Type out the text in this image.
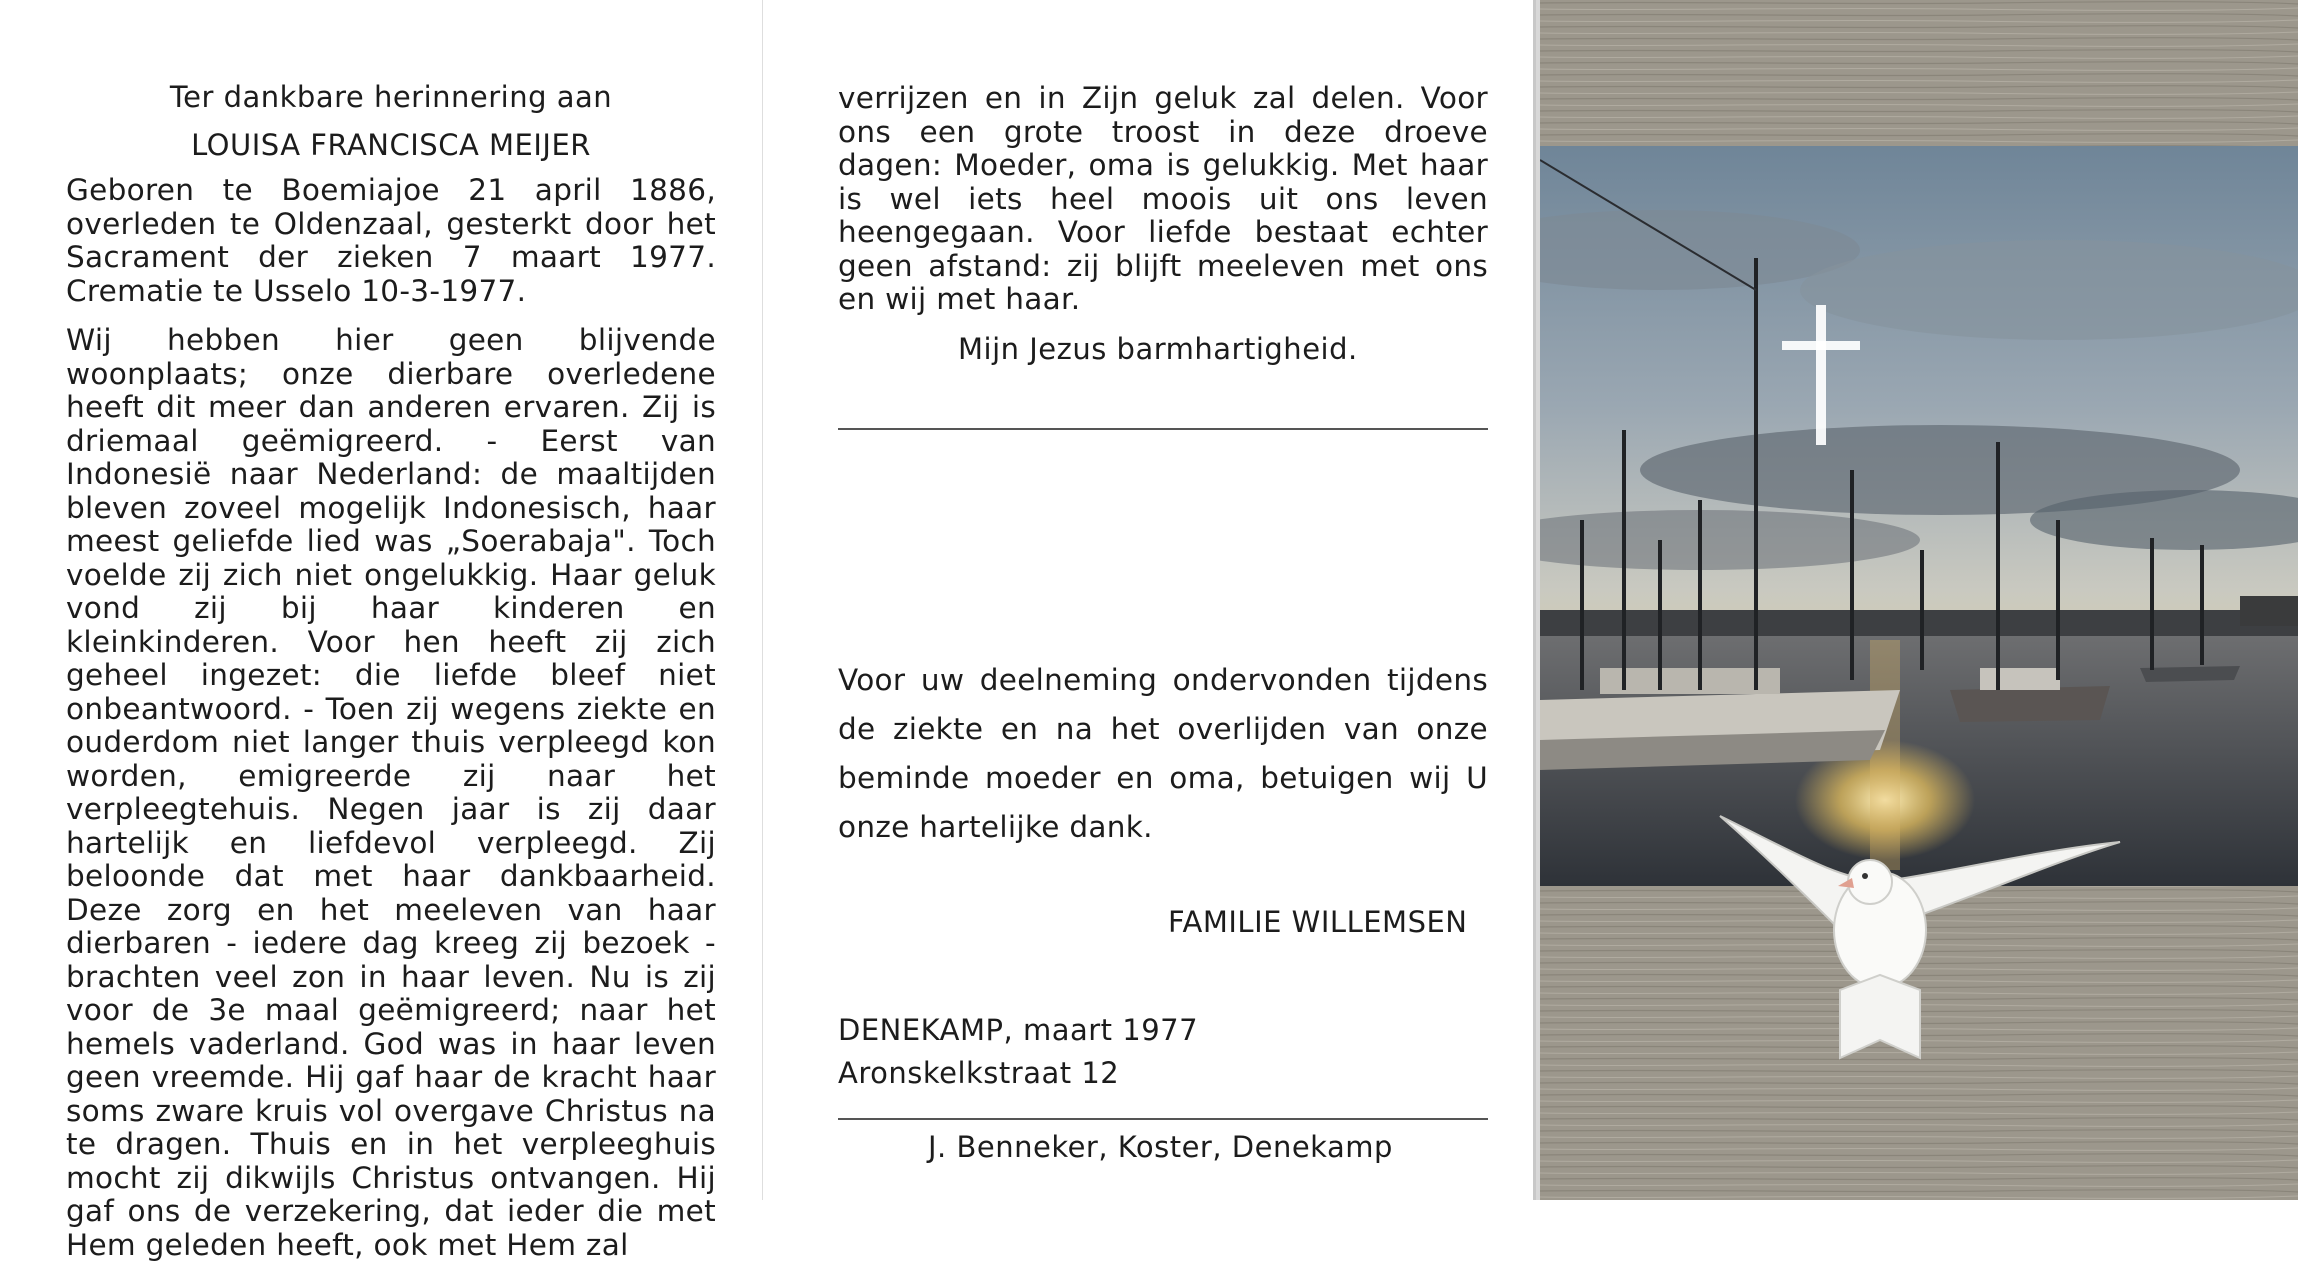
Ter dankbare herinnering aan
LOUISA FRANCISCA MEIJER
Geboren te Boemiajoe 21 april 1886, overleden te Oldenzaal, gesterkt door het Sacrament der zieken 7 maart 1977. Crematie te Usselo 10-3-1977.
Wij hebben hier geen blijvende woonplaats; onze dierbare overledene heeft dit meer dan anderen ervaren. Zij is driemaal geëmigreerd. - Eerst van Indonesië naar Nederland: de maaltijden bleven zoveel mogelijk Indonesisch, haar meest geliefde lied was „Soerabaja". Toch voelde zij zich niet ongelukkig. Haar geluk vond zij bij haar kinderen en kleinkinderen. Voor hen heeft zij zich geheel ingezet: die liefde bleef niet onbeantwoord. - Toen zij wegens ziekte en ouderdom niet langer thuis verpleegd kon worden, emigreerde zij naar het verpleegtehuis. Negen jaar is zij daar hartelijk en liefdevol verpleegd. Zij beloonde dat met haar dankbaarheid. Deze zorg en het meeleven van haar dierbaren - iedere dag kreeg zij bezoek - brachten veel zon in haar leven. Nu is zij voor de 3e maal geëmigreerd; naar het hemels vaderland. God was in haar leven geen vreemde. Hij gaf haar de kracht haar soms zware kruis vol overgave Christus na te dragen. Thuis en in het verpleeghuis mocht zij dikwijls Christus ontvangen. Hij gaf ons de verzekering, dat ieder die met Hem geleden heeft, ook met Hem zal
verrijzen en in Zijn geluk zal delen. Voor ons een grote troost in deze droeve dagen: Moeder, oma is gelukkig. Met haar is wel iets heel moois uit ons leven heengegaan. Voor liefde bestaat echter geen afstand: zij blijft meeleven met ons en wij met haar.
Mijn Jezus barmhartigheid.
Voor uw deelneming ondervonden tijdens de ziekte en na het overlijden van onze beminde moeder en oma, betuigen wij U onze hartelijke dank.
FAMILIE WILLEMSEN
DENEKAMP, maart 1977
Aronskelkstraat 12
J. Benneker, Koster, Denekamp
